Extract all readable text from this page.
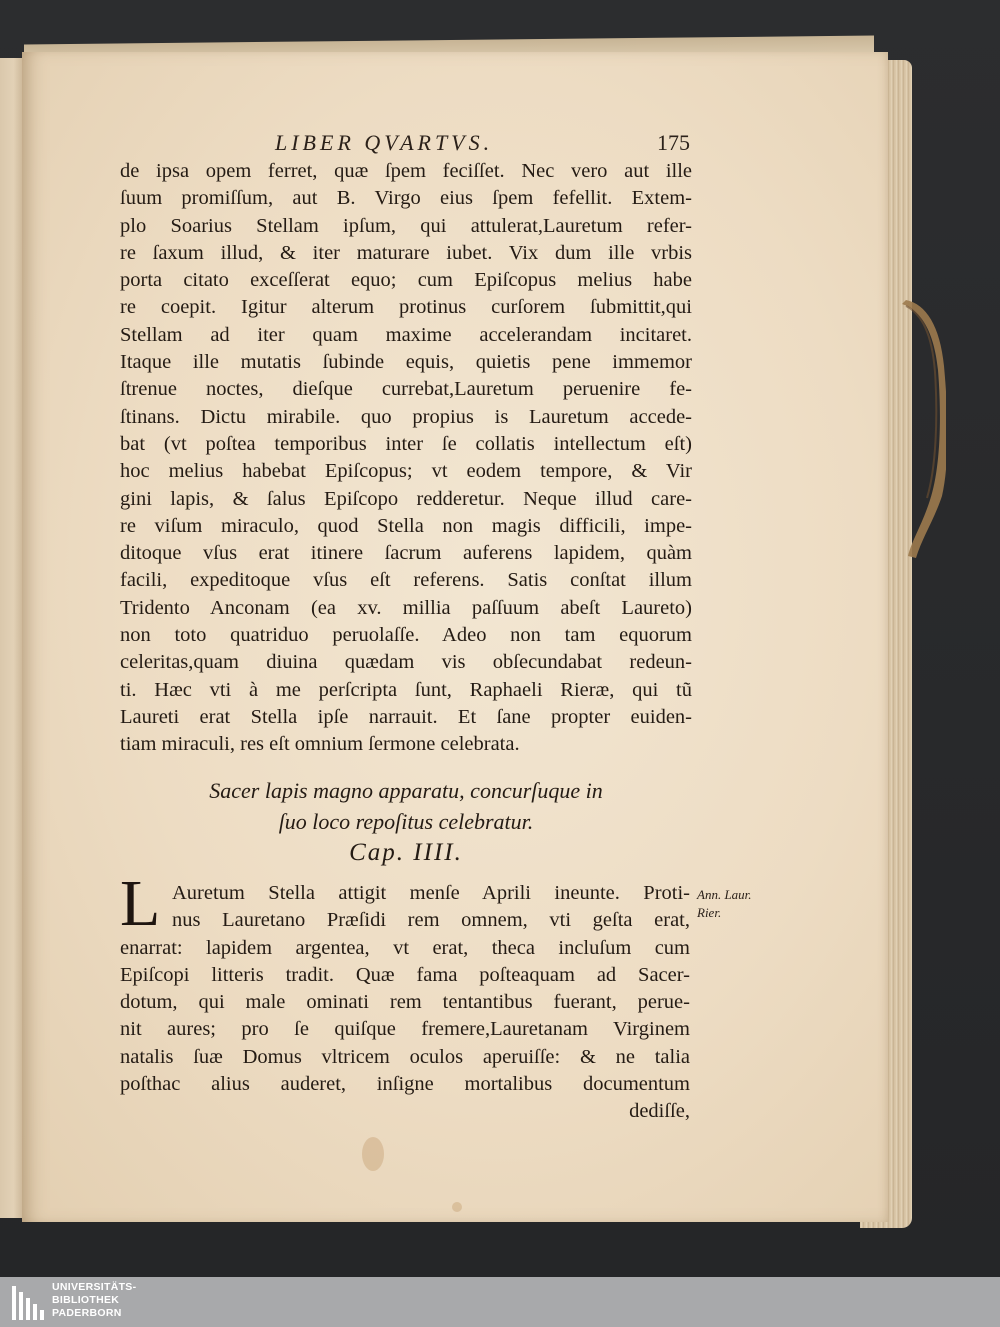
LIBER QVARTVS.	175
de ipsa opem ferret, quæ ſpem feciſſet. Nec vero aut ille
ſuum promiſſum, aut B. Virgo eius ſpem fefellit. Extem-
plo Soarius Stellam ipſum, qui attulerat,Lauretum refer-
re ſaxum illud, & iter maturare iubet. Vix dum ille vrbis
porta citato exceſſerat equo; cum Epiſcopus melius habe
re coepit. Igitur alterum protinus curſorem ſubmittit,qui
Stellam ad iter quam maxime accelerandam incitaret.
Itaque ille mutatis ſubinde equis, quietis pene immemor
ſtrenue noctes, dieſque currebat,Lauretum peruenire fe-
ſtinans. Dictu mirabile. quo propius is Lauretum accede-
bat (vt poſtea temporibus inter ſe collatis intellectum eſt)
hoc melius habebat Epiſcopus; vt eodem tempore, & Vir
gini lapis, & ſalus Epiſcopo redderetur. Neque illud care-
re viſum miraculo, quod Stella non magis difficili, impe-
ditoque vſus erat itinere ſacrum auferens lapidem, quàm
facili, expeditoque vſus eſt referens. Satis conſtat illum
Tridento Anconam (ea xv. millia paſſuum abeſt Laureto)
non toto quatriduo peruolaſſe. Adeo non tam equorum
celeritas,quam diuina quædam vis obſecundabat redeun-
ti. Hæc vti à me perſcripta ſunt, Raphaeli Rieræ, qui tũ
Laureti erat Stella ipſe narrauit. Et ſane propter euiden-
tiam miraculi, res eſt omnium ſermone celebrata.
Sacer lapis magno apparatu, concurſuque in
ſuo loco repoſitus celebratur.
Cap. IIII.
L Auretum Stella attigit menſe Aprili ineunte. Proti-
nus Lauretano Præſidi rem omnem, vti geſta erat,
enarrat: lapidem argentea, vt erat, theca incluſum cum
Epiſcopi litteris tradit. Quæ fama poſteaquam ad Sacer-
dotum, qui male ominati rem tentantibus fuerant, perue-
nit aures; pro ſe quiſque fremere,Lauretanam Virginem
natalis ſuæ Domus vltricem oculos aperuiſſe: & ne talia
poſthac alius auderet, inſigne mortalibus documentum
dediſſe,
Ann. Laur.
Rier.
UNIVERSITÄTS-
BIBLIOTHEK
PADERBORN
